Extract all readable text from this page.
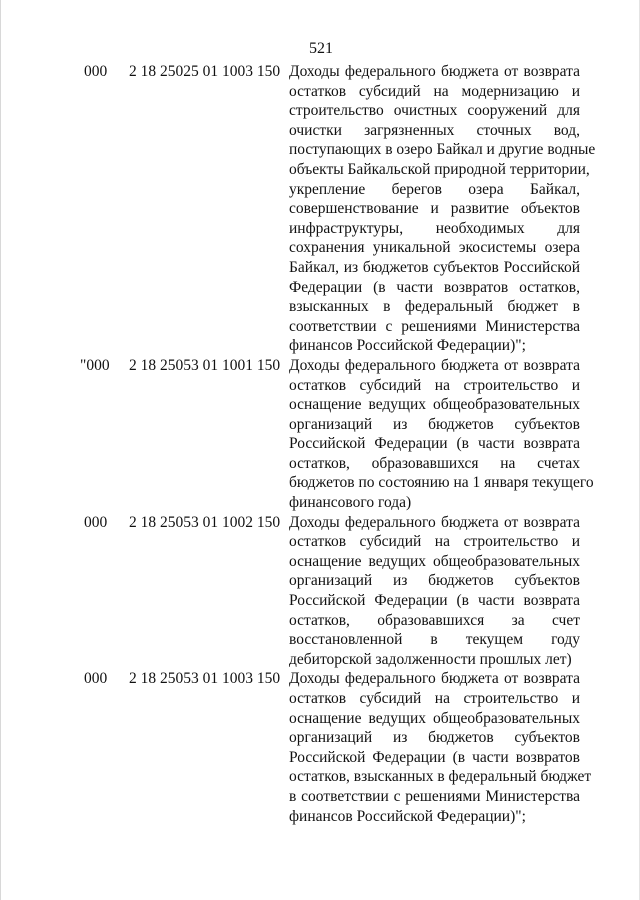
521
000 2 18 25025 01 1003 150 Доходы федерального бюджета от возврата
остатков субсидий на модернизацию и
строительство очистных сооружений для
очистки загрязненных сточных вод,
поступающих в озеро Байкал и другие водные
объекты Байкальской природной территории,
укрепление берегов озера Байкал,
совершенствование и развитие объектов
инфраструктуры, необходимых для
сохранения уникальной экосистемы озера
Байкал, из бюджетов субъектов Российской
Федерации (в части возвратов остатков,
взысканных в федеральный бюджет в
соответствии с решениями Министерства
финансов Российской Федерации)";
"000 2 18 25053 01 1001 150 Доходы федерального бюджета от возврата
остатков субсидий на строительство и
оснащение ведущих общеобразовательных
организаций из бюджетов субъектов
Российской Федерации (в части возврата
остатков, образовавшихся на счетах
бюджетов по состоянию на 1 января текущего
финансового года)
000 2 18 25053 01 1002 150 Доходы федерального бюджета от возврата
остатков субсидий на строительство и
оснащение ведущих общеобразовательных
организаций из бюджетов субъектов
Российской Федерации (в части возврата
остатков, образовавшихся за счет
восстановленной в текущем году
дебиторской задолженности прошлых лет)
000 2 18 25053 01 1003 150 Доходы федерального бюджета от возврата
остатков субсидий на строительство и
оснащение ведущих общеобразовательных
организаций из бюджетов субъектов
Российской Федерации (в части возвратов
остатков, взысканных в федеральный бюджет
в соответствии с решениями Министерства
финансов Российской Федерации)";
